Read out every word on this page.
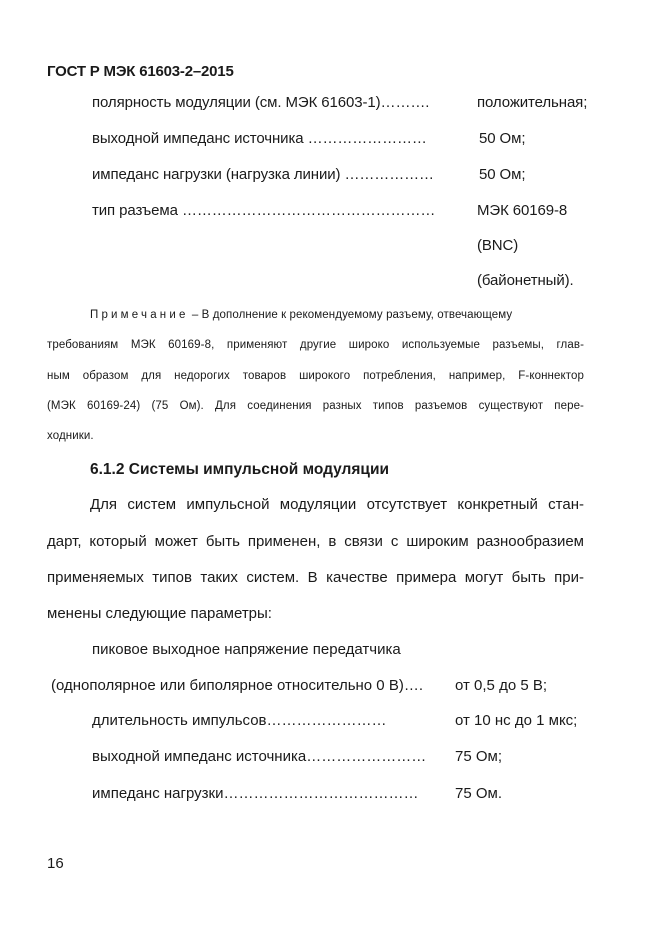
ГОСТ Р МЭК 61603-2–2015
полярность модуляции (см. МЭК 61603-1)……….	положительная;
выходной импеданс источника ……………………	50 Ом;
импеданс нагрузки (нагрузка линии) ………………	50 Ом;
тип разъема ……………………………………………	МЭК 60169-8
(BNC)
(байонетный).
Примечание – В дополнение к рекомендуемому разъему, отвечающему
требованиям МЭК 60169-8, применяют другие широко используемые разъемы, глав-
ным образом для недорогих товаров широкого потребления, например, F-коннектор
(МЭК 60169-24) (75 Ом). Для соединения разных типов разъемов существуют пере-
ходники.
6.1.2 Системы импульсной модуляции
Для систем импульсной модуляции отсутствует конкретный стан-
дарт, который может быть применен, в связи с широким разнообразием
применяемых типов таких систем. В качестве примера могут быть при-
менены следующие параметры:
пиковое выходное напряжение передатчика
(однополярное или биполярное относительно 0 В)…. от 0,5 до 5 В;
длительность импульсов……………………	от 10 нс до 1 мкс;
выходной импеданс источника…………………… 75 Ом;
импеданс нагрузки………………………………… 75 Ом.
16
